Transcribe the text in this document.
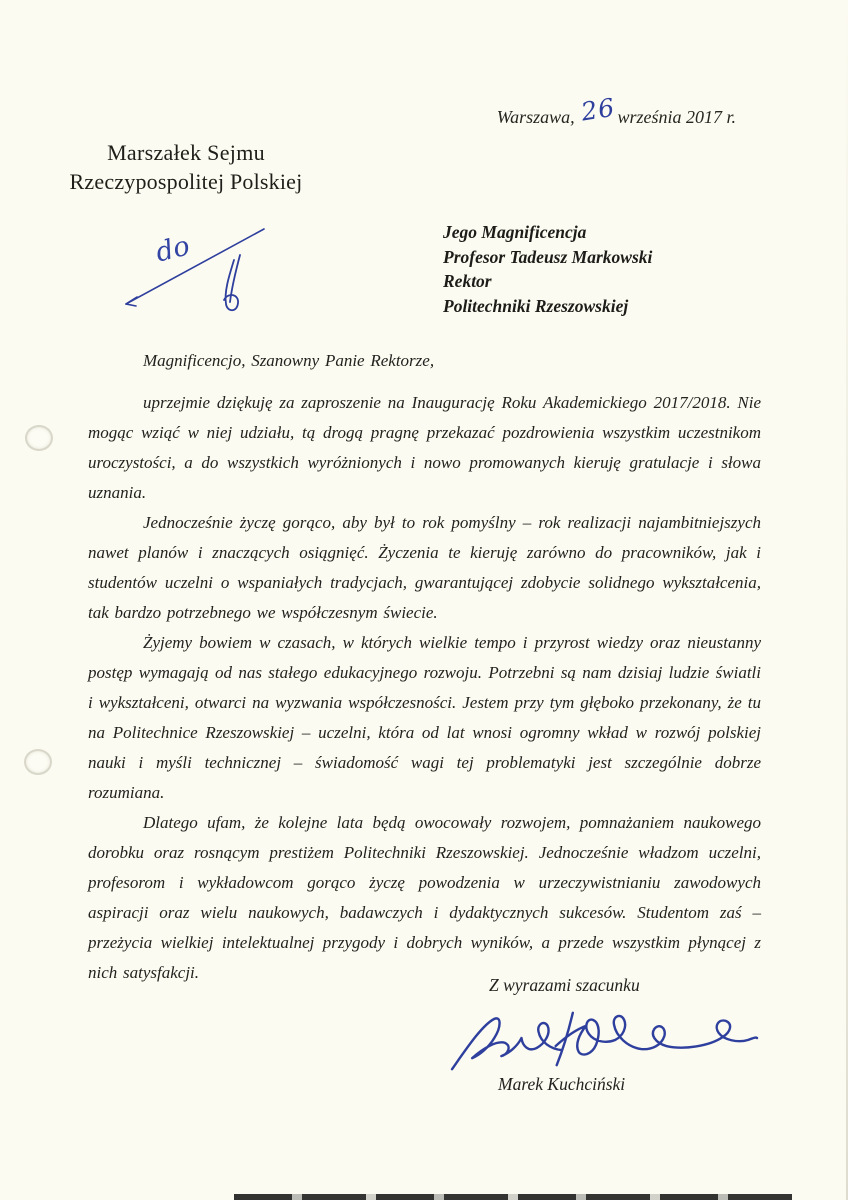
Warszawa, 26 września 2017 r.
Marszałek Sejmu
Rzeczypospolitej Polskiej
Jego Magnificencja
Profesor Tadeusz Markowski
Rektor
Politechniki Rzeszowskiej
do
Magnificencjo, Szanowny Panie Rektorze,

uprzejmie dziękuję za zaproszenie na Inaugurację Roku Akademickiego 2017/2018. Nie mogąc wziąć w niej udziału, tą drogą pragnę przekazać pozdrowienia wszystkim uczestnikom uroczystości, a do wszystkich wyróżnionych i nowo promowanych kieruję gratulacje i słowa uznania.

Jednocześnie życzę gorąco, aby był to rok pomyślny – rok realizacji najambitniejszych nawet planów i znaczących osiągnięć. Życzenia te kieruję zarówno do pracowników, jak i studentów uczelni o wspaniałych tradycjach, gwarantującej zdobycie solidnego wykształcenia, tak bardzo potrzebnego we współczesnym świecie.

Żyjemy bowiem w czasach, w których wielkie tempo i przyrost wiedzy oraz nieustanny postęp wymagają od nas stałego edukacyjnego rozwoju. Potrzebni są nam dzisiaj ludzie światli i wykształceni, otwarci na wyzwania współczesności. Jestem przy tym głęboko przekonany, że tu na Politechnice Rzeszowskiej – uczelni, która od lat wnosi ogromny wkład w rozwój polskiej nauki i myśli technicznej – świadomość wagi tej problematyki jest szczególnie dobrze rozumiana.

Dlatego ufam, że kolejne lata będą owocowały rozwojem, pomnażaniem naukowego dorobku oraz rosnącym prestiżem Politechniki Rzeszowskiej. Jednocześnie władzom uczelni, profesorom i wykładowcom gorąco życzę powodzenia w urzeczywistnianiu zawodowych aspiracji oraz wielu naukowych, badawczych i dydaktycznych sukcesów. Studentom zaś – przeżycia wielkiej intelektualnej przygody i dobrych wyników, a przede wszystkim płynącej z nich satysfakcji.

Z wyrazami szacunku
Marek Kuchciński
